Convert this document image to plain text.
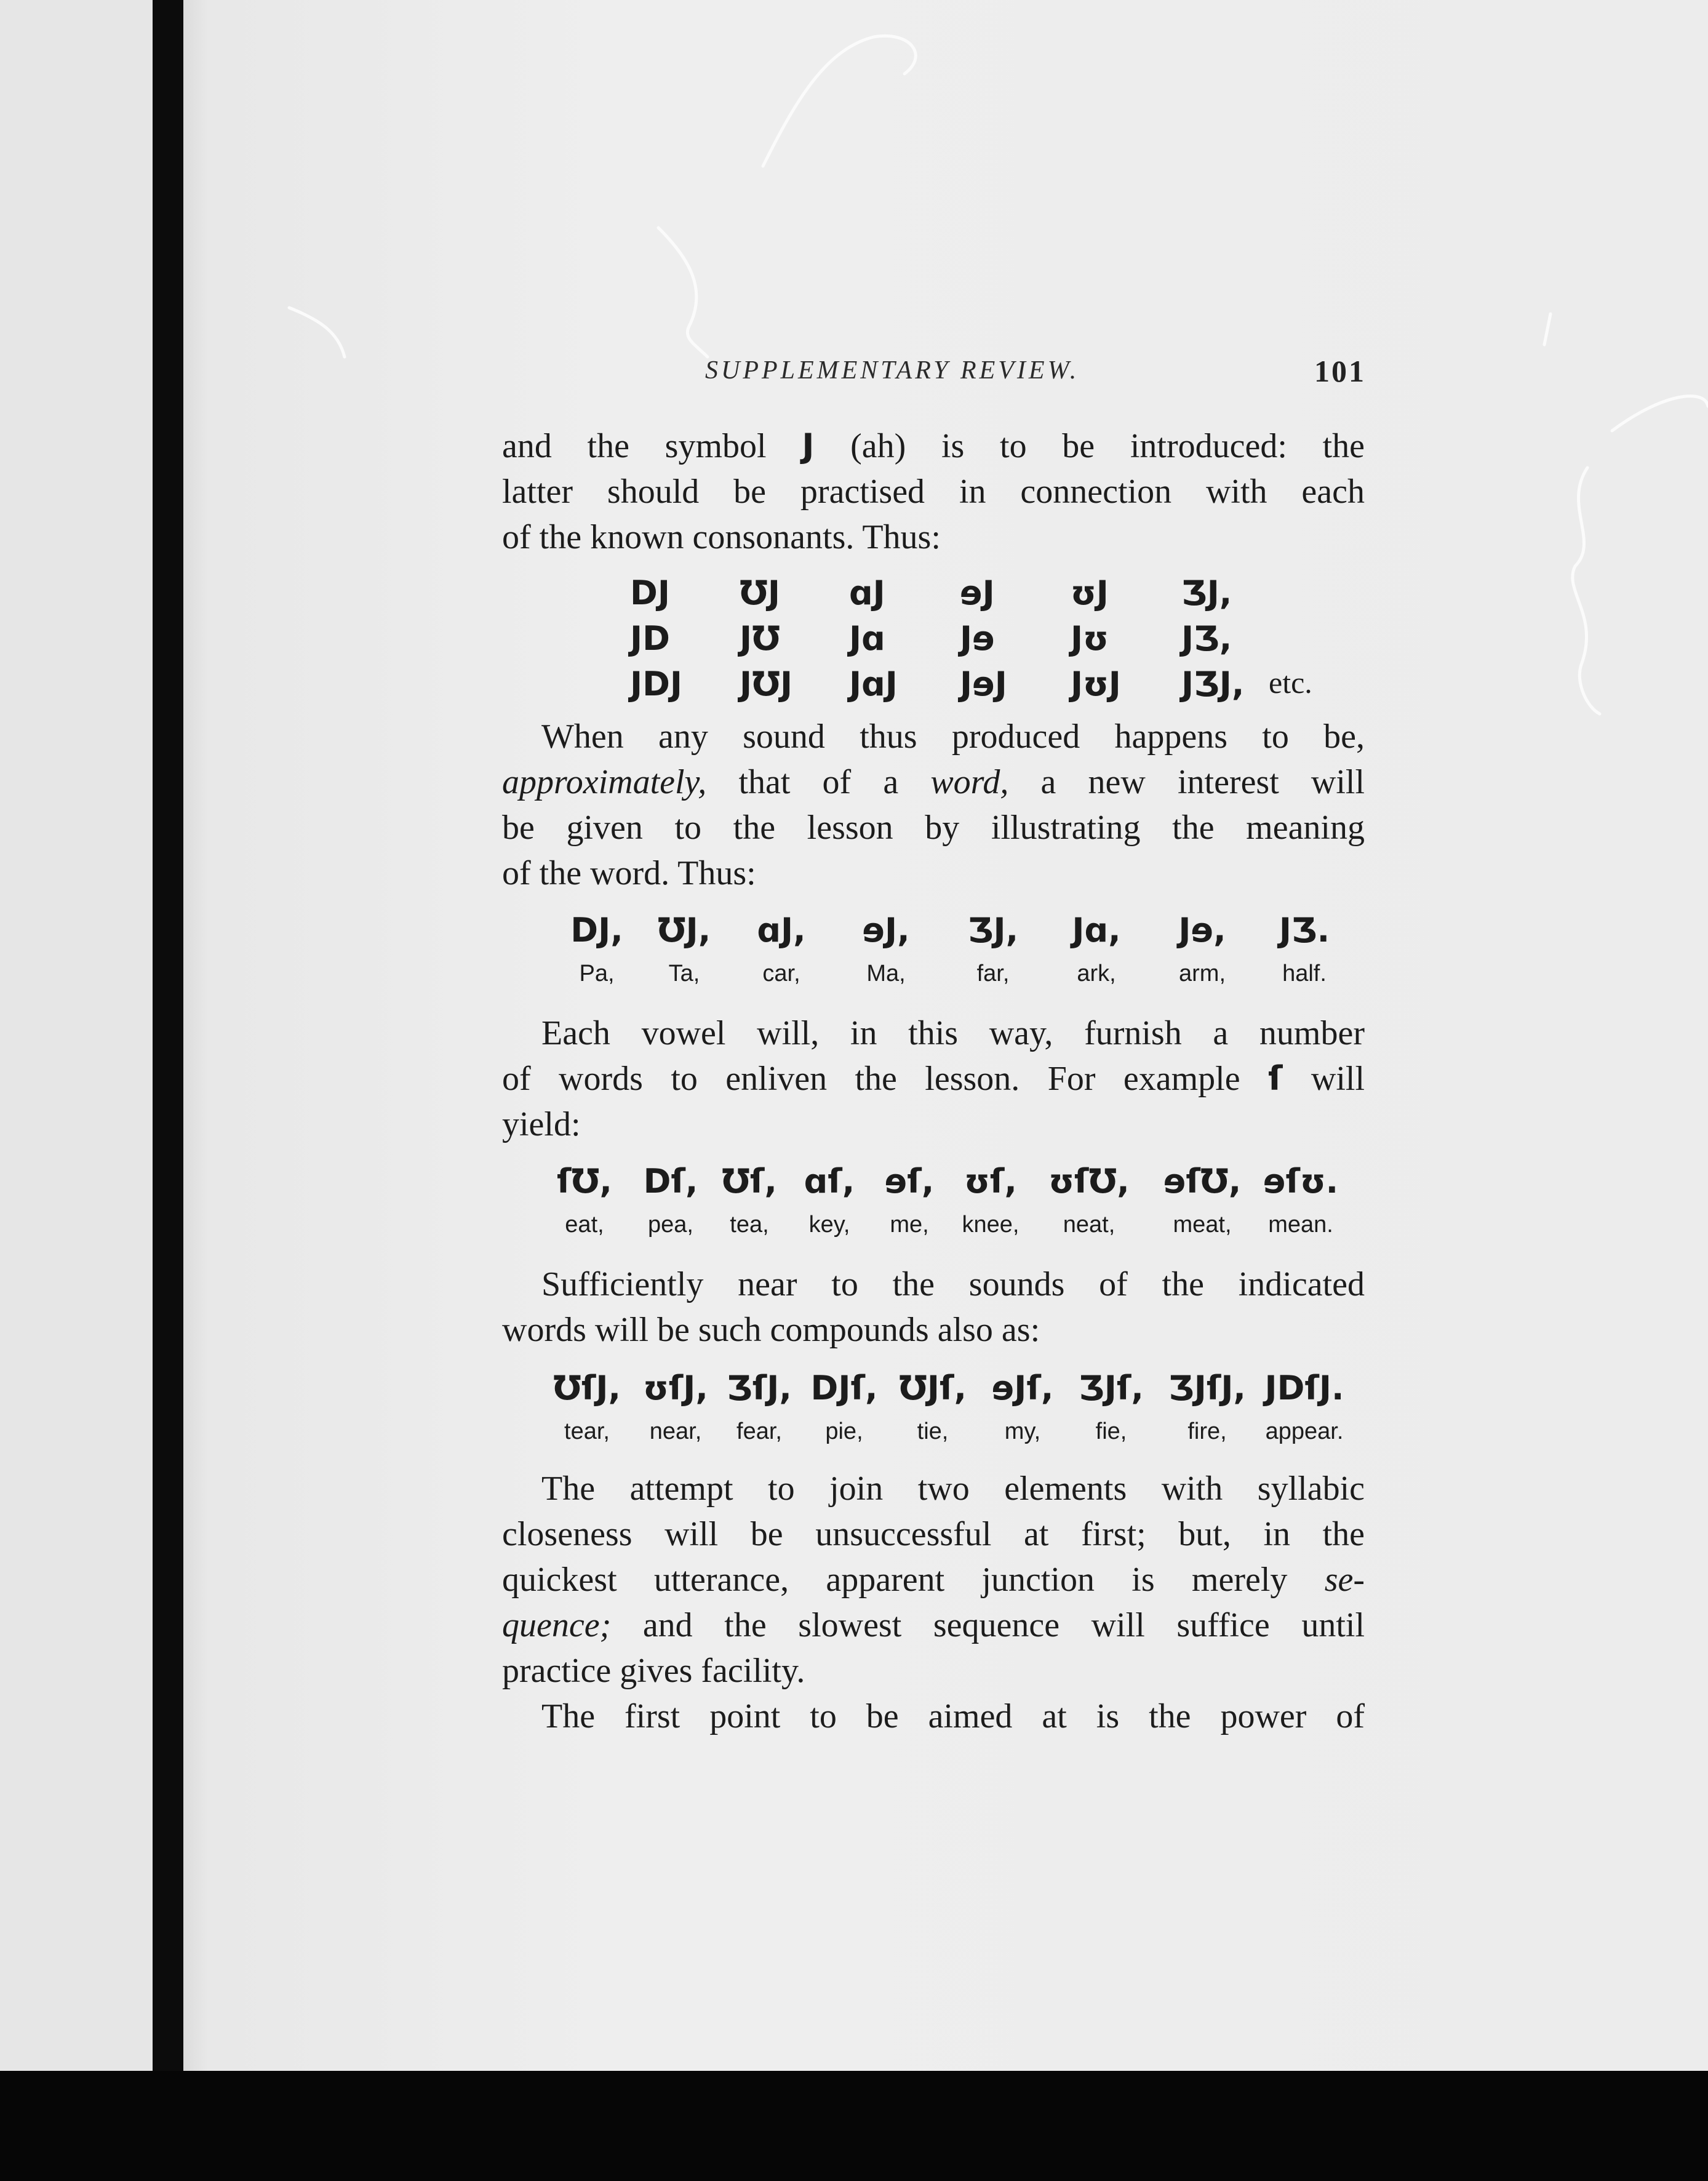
SUPPLEMENTARY REVIEW.	101
and the symbol J (ah) is to be introduced: the
latter should be practised in connection with each
of the known consonants. Thus:
DJ ƱJ ɑJ ɘJ ʊJ ƷJ,
JD JƱ Jɑ Jɘ Jʊ JƷ,
JDJ JƱJ JɑJ JɘJ JʊJ JƷJ, etc.
When any sound thus produced happens to be,
approximately, that of a word, a new interest will
be given to the lesson by illustrating the meaning
of the word. Thus:
DJ,
Pa,
ƱJ,
Ta,
ɑJ,
car,
ɘJ,
Ma,
ƷJ,
far,
Jɑ,
ark,
Jɘ,
arm,
JƷ.
half.
Each vowel will, in this way, furnish a number
of words to enliven the lesson. For example ſ will
yield:
ſƱ,
eat,
Dſ,
pea,
Ʊſ,
tea,
ɑſ,
key,
ɘſ,
me,
ʊſ,
knee,
ʊſƱ,
neat,
ɘſƱ,
meat,
ɘſʊ.
mean.
Sufficiently near to the sounds of the indicated
words will be such compounds also as:
ƱſJ,
tear,
ʊſJ,
near,
ƷſJ,
fear,
DJſ,
pie,
ƱJſ,
tie,
ɘJſ,
my,
ƷJſ,
fie,
ƷJſJ,
fire,
JDſJ.
appear.
The attempt to join two elements with syllabic
closeness will be unsuccessful at first; but, in the
quickest utterance, apparent junction is merely se-
quence; and the slowest sequence will suffice until
practice gives facility.
The first point to be aimed at is the power of
